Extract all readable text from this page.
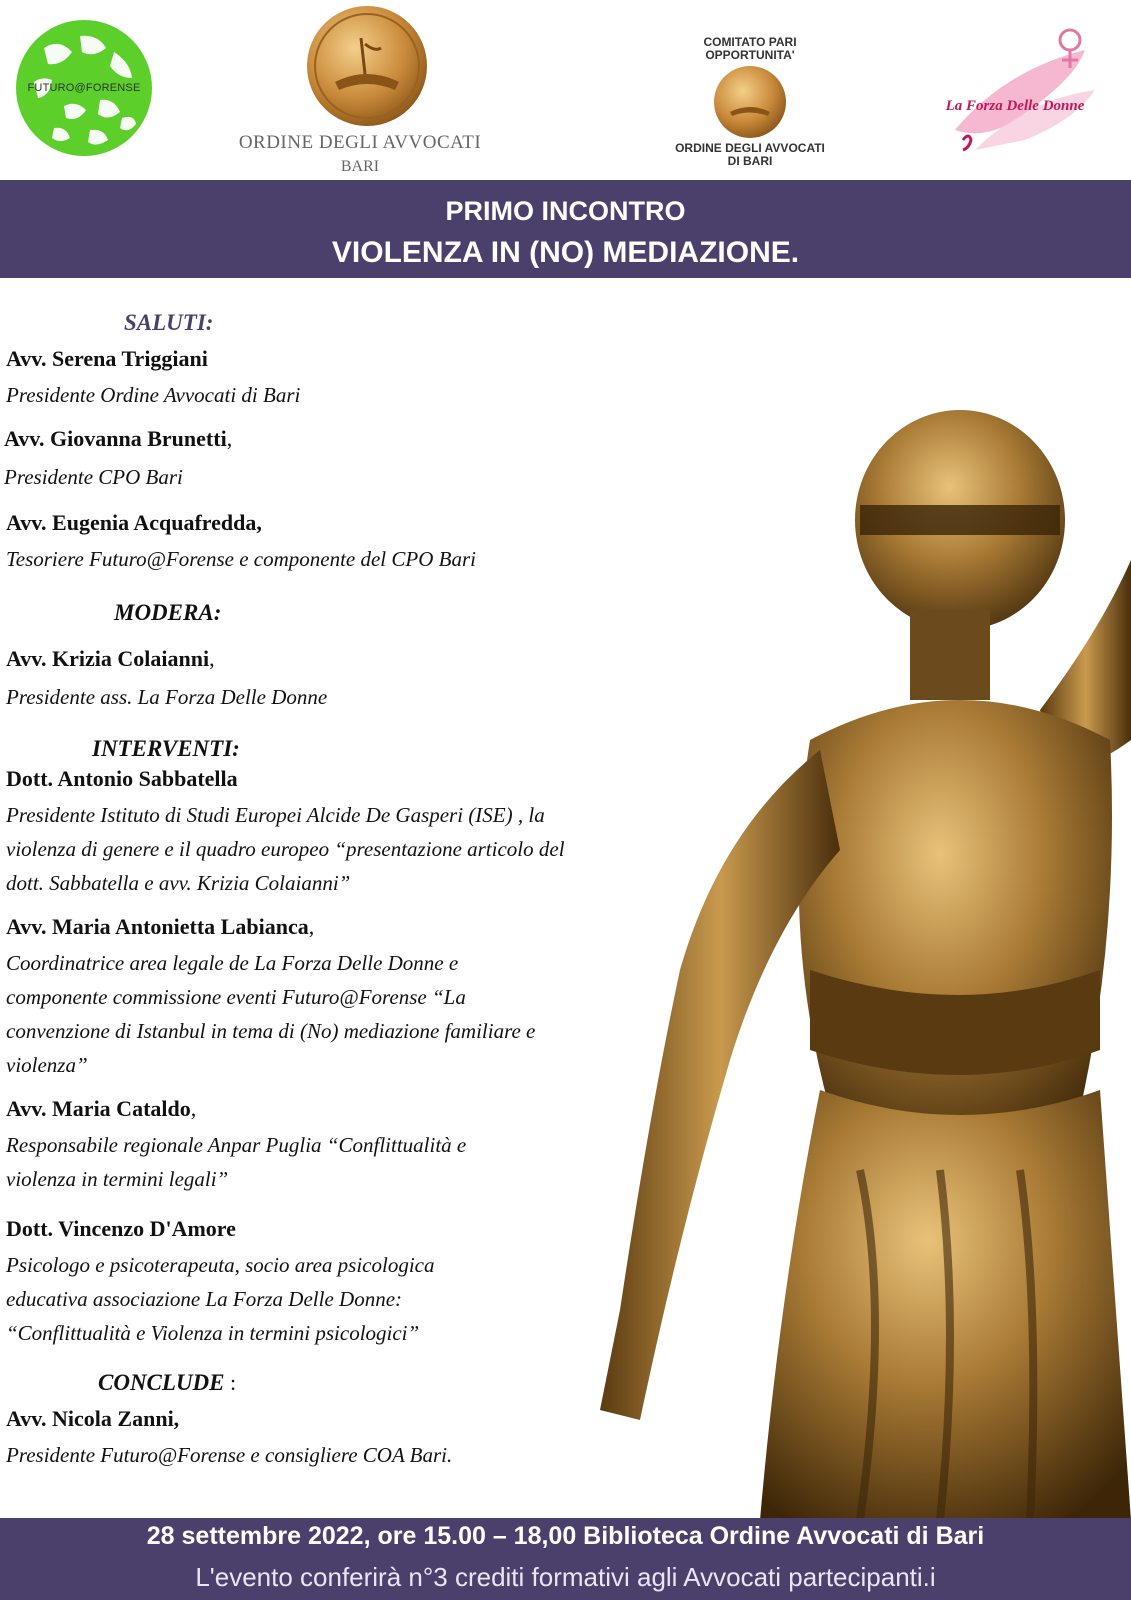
FUTURO@FORENSE
ORDINE DEGLI AVVOCATI
BARI
COMITATO PARI
OPPORTUNITA'
ORDINE DEGLI AVVOCATI
DI BARI
La Forza Delle Donne
PRIMO INCONTRO
VIOLENZA IN (NO) MEDIAZIONE.
SALUTI:
Avv. Serena Triggiani
Presidente Ordine Avvocati di Bari
Avv. Giovanna Brunetti,
Presidente CPO Bari
Avv. Eugenia Acquafredda,
Tesoriere Futuro@Forense e componente del CPO Bari
MODERA:
Avv. Krizia Colaianni,
Presidente ass. La Forza Delle Donne
INTERVENTI:
Dott. Antonio Sabbatella
Presidente Istituto di Studi Europei Alcide De Gasperi (ISE) , la
violenza di genere e il quadro europeo “presentazione articolo del
dott. Sabbatella e avv. Krizia Colaianni”
Avv. Maria Antonietta Labianca,
Coordinatrice area legale de La Forza Delle Donne e
componente commissione eventi Futuro@Forense “La
convenzione di Istanbul in tema di (No) mediazione familiare e
violenza”
Avv. Maria Cataldo,
Responsabile regionale Anpar Puglia “Conflittualità e
violenza in termini legali”
Dott. Vincenzo D'Amore
Psicologo e psicoterapeuta, socio area psicologica
educativa associazione La Forza Delle Donne:
“Conflittualità e Violenza in termini psicologici”
CONCLUDE :
Avv. Nicola Zanni,
Presidente Futuro@Forense e consigliere COA Bari.
28 settembre 2022, ore 15.00 – 18,00 Biblioteca Ordine Avvocati di Bari
L'evento conferirà n°3 crediti formativi agli Avvocati partecipanti.i
